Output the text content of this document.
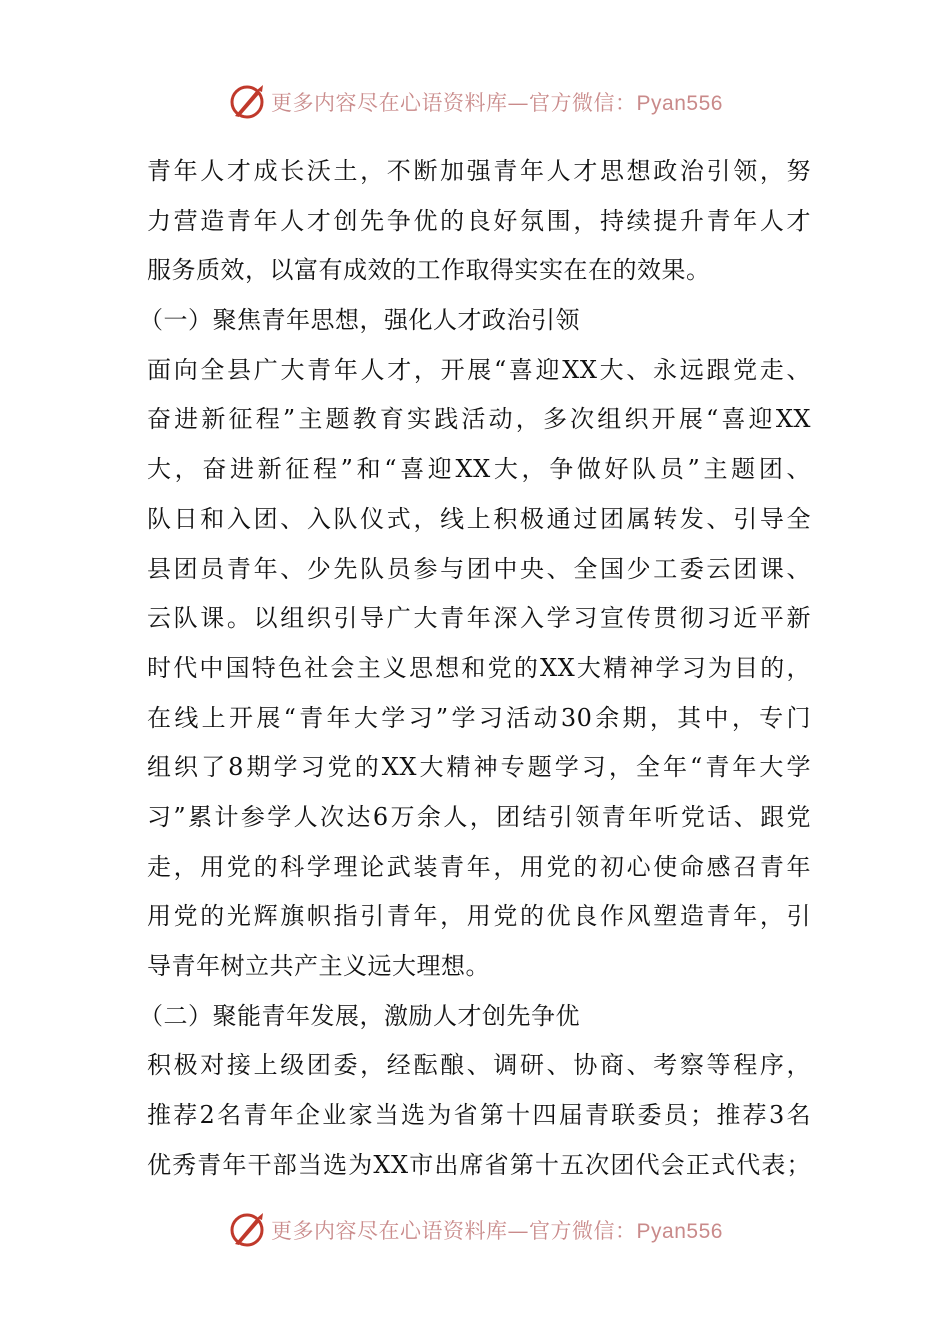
更多内容尽在心语资料库—官方微信：Pyan556
青年人才成长沃土，不断加强青年人才思想政治引领，努
力营造青年人才创先争优的良好氛围，持续提升青年人才
服务质效，以富有成效的工作取得实实在在的效果。
（一）聚焦青年思想，强化人才政治引领
面向全县广大青年人才，开展“喜迎XX大、永远跟党走、
奋进新征程”主题教育实践活动，多次组织开展“喜迎XX
大，奋进新征程”和“喜迎XX大，争做好队员”主题团、
队日和入团、入队仪式，线上积极通过团属转发、引导全
县团员青年、少先队员参与团中央、全国少工委云团课、
云队课。以组织引导广大青年深入学习宣传贯彻习近平新
时代中国特色社会主义思想和党的XX大精神学习为目的，
在线上开展“青年大学习”学习活动30余期，其中，专门
组织了8期学习党的XX大精神专题学习，全年“青年大学
习”累计参学人次达6万余人，团结引领青年听党话、跟党
走，用党的科学理论武装青年，用党的初心使命感召青年
用党的光辉旗帜指引青年，用党的优良作风塑造青年，引
导青年树立共产主义远大理想。
（二）聚能青年发展，激励人才创先争优
积极对接上级团委，经酝酿、调研、协商、考察等程序，
推荐2名青年企业家当选为省第十四届青联委员；推荐3名
优秀青年干部当选为XX市出席省第十五次团代会正式代表；
更多内容尽在心语资料库—官方微信：Pyan556
